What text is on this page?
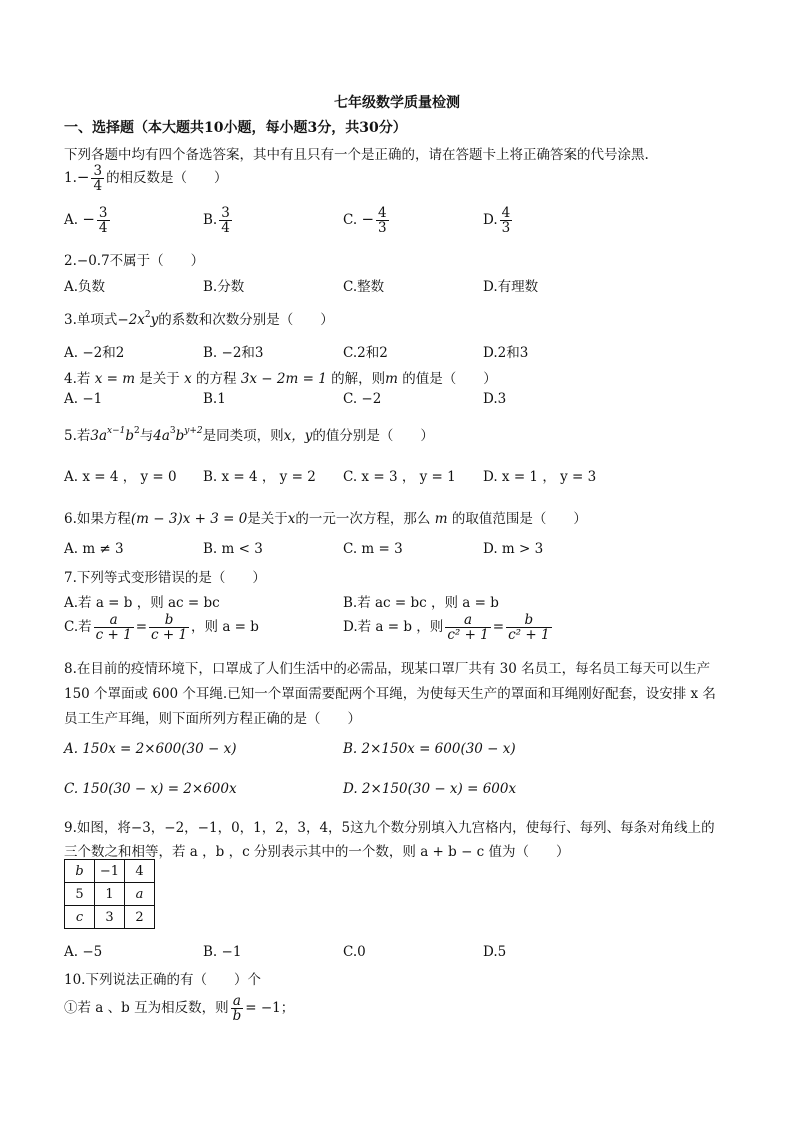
七年级数学质量检测
一、选择题（本大题共10小题，每小题3分，共30分）
下列各题中均有四个备选答案，其中有且只有一个是正确的，请在答题卡上将正确答案的代号涂黑.
$1.- \frac{3}{4}$ 的相反数是（　　）
A. − $\frac{3}{4}$	B. $\frac{3}{4}$	C. − $\frac{4}{3}$	D. $\frac{4}{3}$
2.−0.7不属于（　　）
A.负数	B.分数	C.整数	D.有理数
3.单项式$-2x^2y$的系数和次数分别是（　　）
A. −2和2	B. −2和3	C.2和2	D.2和3
4.若 x = m 是关于 x 的方程 3x − 2m = 1 的解，则m 的值是（　　）
A. −1	B.1	C. −2	D.3
5.若$3a^{x-1}b^2$与$4a^3b^{y+2}$是同类项，则x，y的值分别是（　　）
A. x = 4 ， y = 0 B. x = 4 ， y = 2 C. x = 3 ， y = 1 D. x = 1 ， y = 3
6.如果方程(m − 3)x + 3 = 0是关于x的一元一次方程，那么 m 的取值范围是（　　）
A. m ≠ 3	B. m < 3	C. m = 3	D. m > 3
7.下列等式变形错误的是（　　）
A.若 a = b ，则 ac = bc	B.若 ac = bc ，则 a = b
C.若 $\frac{a}{c + 1} = \frac{b}{c + 1}$ ，则 a = b	D.若 a = b ，则 $\frac{a}{\text{c² + 1}} = \frac{b}{\text{c² + 1}}$
8.在目前的疫情环境下，口罩成了人们生活中的必需品，现某口罩厂共有 30 名员工，每名员工每天可以生产
150 个罩面或 600 个耳绳.已知一个罩面需要配两个耳绳，为使每天生产的罩面和耳绳刚好配套，设安排 x 名
员工生产耳绳，则下面所列方程正确的是（　　）
A. 150x = 2×600(30 − x)	B. 2×150x = 600(30 − x)
C. 150(30 − x) = 2×600x	D. 2×150(30 − x) = 600x
9.如图，将−3，−2，−1，0，1，2，3，4，5这九个数分别填入九宫格内，使每行、每列、每条对角线上的
三个数之和相等，若 a ，b ，c 分别表示其中的一个数，则 a + b − c 值为（　　）
b	−1	4
5	1	a
c	3	2
A. −5	B. −1	C.0	D.5
10.下列说法正确的有（　　）个
①若 a 、b 互为相反数，则 $\frac{a}{b} = -1$；
